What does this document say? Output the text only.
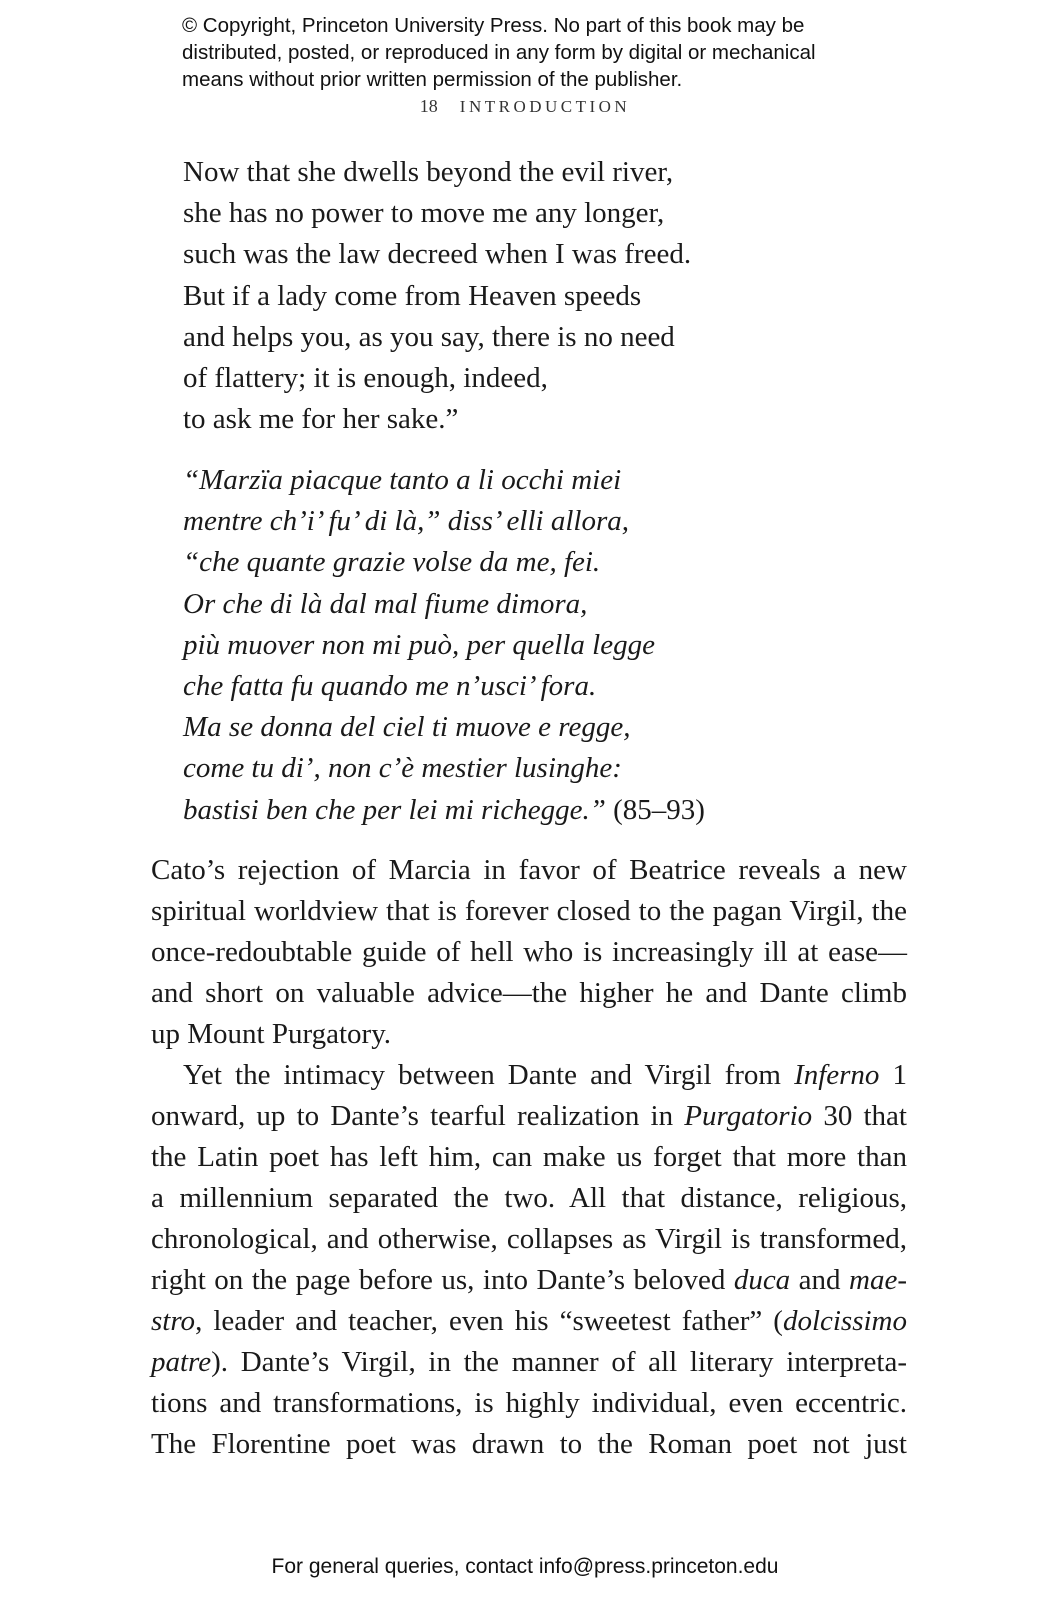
© Copyright, Princeton University Press. No part of this book may be
distributed, posted, or reproduced in any form by digital or mechanical
means without prior written permission of the publisher.
18 INTRODUCTION
Now that she dwells beyond the evil river,
she has no power to move me any longer,
such was the law decreed when I was freed.
But if a lady come from Heaven speeds
and helps you, as you say, there is no need
of flattery; it is enough, indeed,
to ask me for her sake.”
“Marzïa piacque tanto a li occhi miei
mentre ch’i’ fu’ di là,” diss’ elli allora,
“che quante grazie volse da me, fei.
Or che di là dal mal fiume dimora,
più muover non mi può, per quella legge
che fatta fu quando me n’usci’ fora.
Ma se donna del ciel ti muove e regge,
come tu di’, non c’è mestier lusinghe:
bastisi ben che per lei mi richegge.” (85–93)
Cato’s rejection of Marcia in favor of Beatrice reveals a new
spiritual worldview that is forever closed to the pagan Virgil, the
once-redoubtable guide of hell who is increasingly ill at ease—
and short on valuable advice—the higher he and Dante climb
up Mount Purgatory.
Yet the intimacy between Dante and Virgil from Inferno 1
onward, up to Dante’s tearful realization in Purgatorio 30 that
the Latin poet has left him, can make us forget that more than
a millennium separated the two. All that distance, religious,
chronological, and otherwise, collapses as Virgil is transformed,
right on the page before us, into Dante’s beloved duca and mae-
stro, leader and teacher, even his “sweetest father” (dolcissimo
patre). Dante’s Virgil, in the manner of all literary interpreta-
tions and transformations, is highly individual, even eccentric.
The Florentine poet was drawn to the Roman poet not just
For general queries, contact info@press.princeton.edu
